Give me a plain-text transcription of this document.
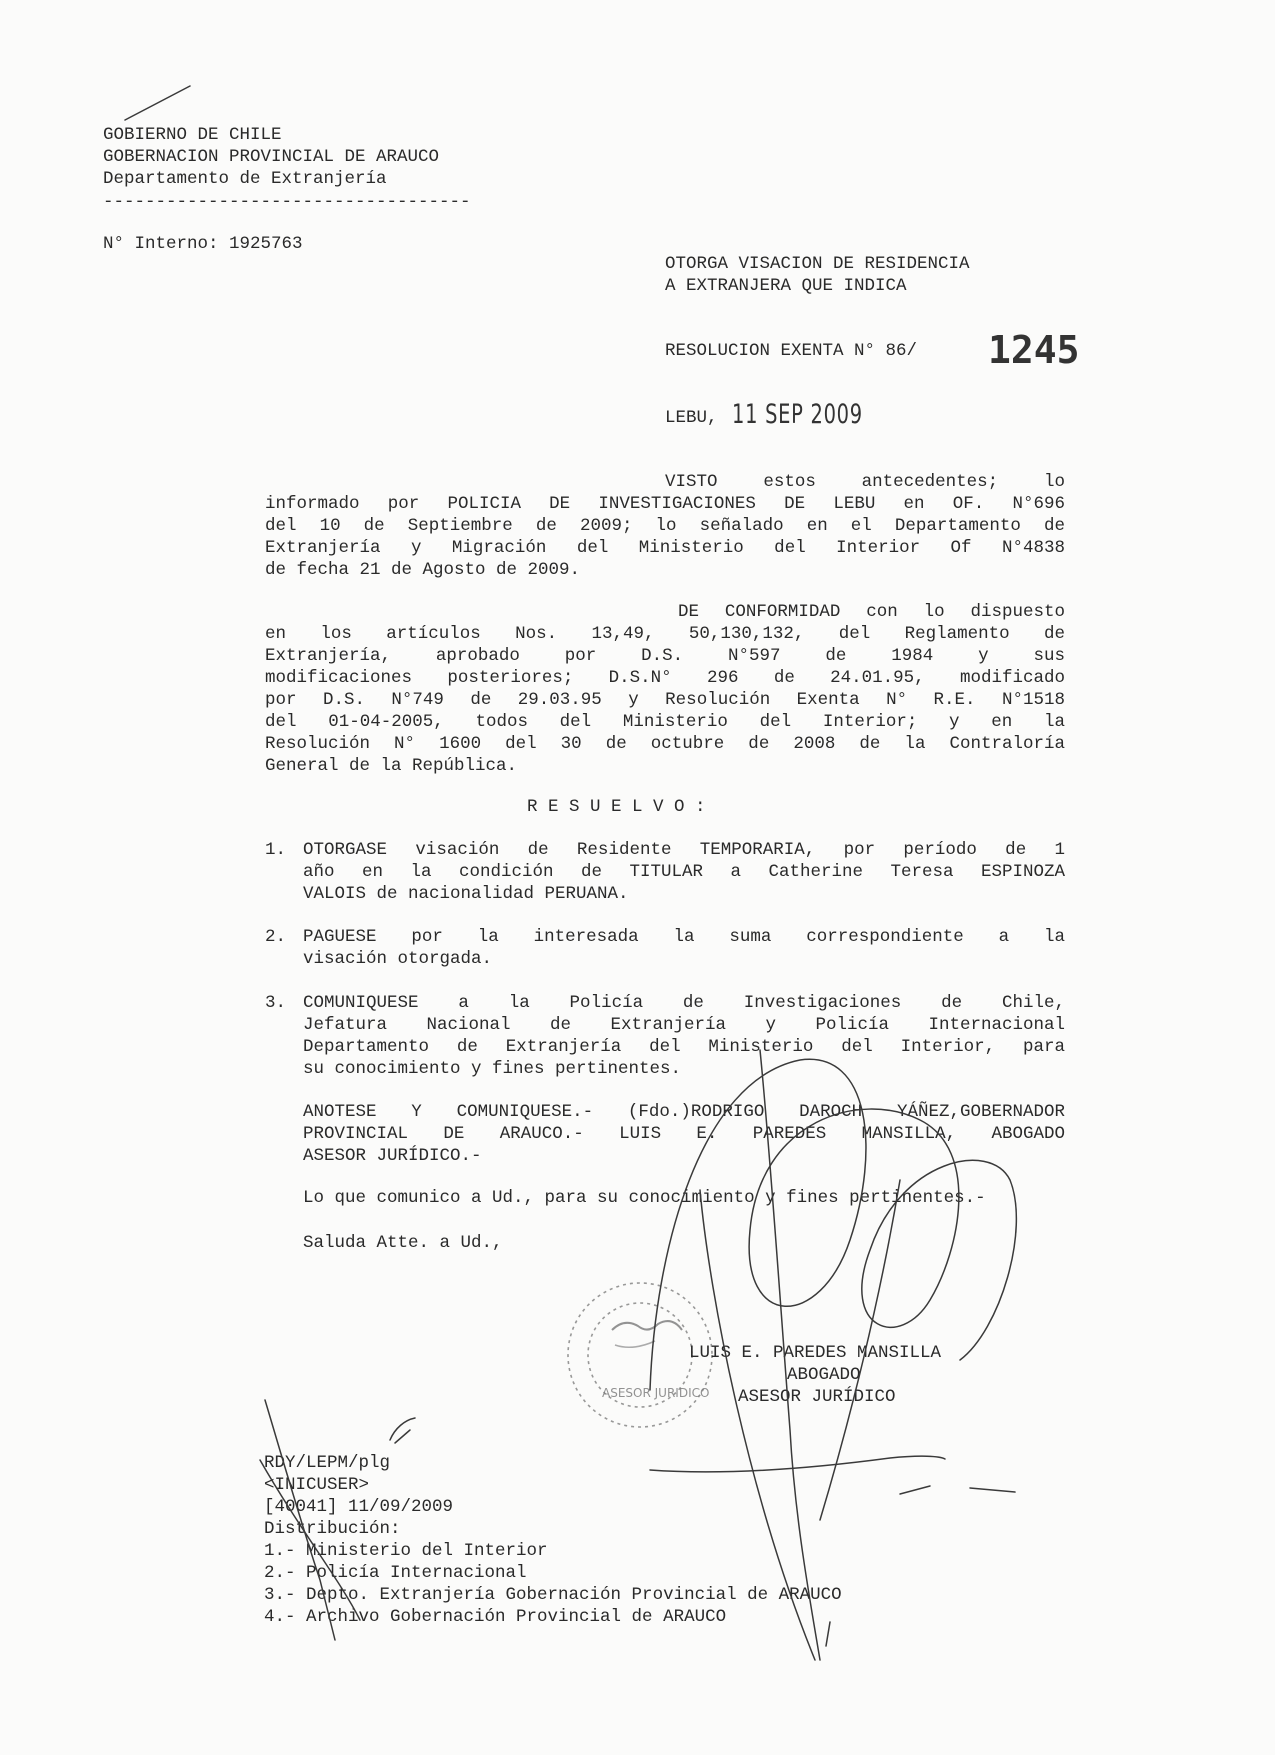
GOBIERNO DE CHILE
GOBERNACION PROVINCIAL DE ARAUCO
Departamento de Extranjería
-----------------------------------
N° Interno: 1925763
OTORGA VISACION DE RESIDENCIA
A EXTRANJERA QUE INDICA
RESOLUCION EXENTA N° 86/ 1245
LEBU, 11 SEP 2009
VISTO estos antecedentes; lo
informado por POLICIA DE INVESTIGACIONES DE LEBU en OF. N°696
del 10 de Septiembre de 2009; lo señalado en el Departamento de
Extranjería y Migración del Ministerio del Interior Of N°4838
de fecha 21 de Agosto de 2009.
DE CONFORMIDAD con lo dispuesto
en los artículos Nos. 13,49, 50,130,132, del Reglamento de
Extranjería, aprobado por D.S. N°597 de 1984 y sus
modificaciones posteriores; D.S.N° 296 de 24.01.95, modificado
por D.S. N°749 de 29.03.95 y Resolución Exenta N° R.E. N°1518
del 01-04-2005, todos del Ministerio del Interior; y en la
Resolución N° 1600 del 30 de octubre de 2008 de la Contraloría
General de la República.
R E S U E L V O :
1. OTORGASE visación de Residente TEMPORARIA, por período de 1
año en la condición de TITULAR a Catherine Teresa ESPINOZA
VALOIS de nacionalidad PERUANA.
2. PAGUESE por la interesada la suma correspondiente a la
visación otorgada.
3. COMUNIQUESE a la Policía de Investigaciones de Chile,
Jefatura Nacional de Extranjería y Policía Internacional
Departamento de Extranjería del Ministerio del Interior, para
su conocimiento y fines pertinentes.
ANOTESE Y COMUNIQUESE.- (Fdo.)RODRIGO DAROCH YÁÑEZ,GOBERNADOR
PROVINCIAL DE ARAUCO.- LUIS E. PAREDES MANSILLA, ABOGADO
ASESOR JURÍDICO.-
Lo que comunico a Ud., para su conocimiento y fines pertinentes.-
Saluda Atte. a Ud.,
ASESOR JURIDICO
LUIS E. PAREDES MANSILLA
ABOGADO
ASESOR JURÍDICO
RDY/LEPM/plg
<INICUSER>
[40041] 11/09/2009
Distribución:
1.- Ministerio del Interior
2.- Policía Internacional
3.- Depto. Extranjería Gobernación Provincial de ARAUCO
4.- Archivo Gobernación Provincial de ARAUCO
